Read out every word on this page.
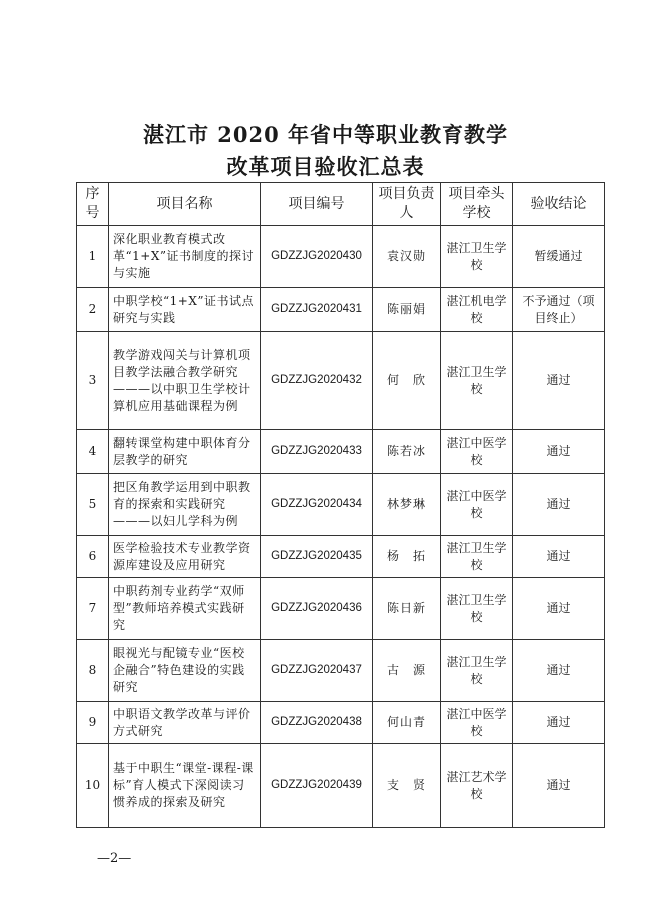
湛江市 2020 年省中等职业教育教学
改革项目验收汇总表
序号	项目名称	项目编号	项目负责人	项目牵头学校	验收结论
1	深化职业教育模式改革“1+X”证书制度的探讨与实施	GDZZJG2020430	袁汉勋	湛江卫生学校	暂缓通过
2	中职学校“1+X”证书试点研究与实践	GDZZJG2020431	陈丽娟	湛江机电学校	不予通过（项目终止）
3	教学游戏闯关与计算机项目教学法融合教学研究———以中职卫生学校计算机应用基础课程为例	GDZZJG2020432	何　欣	湛江卫生学校	通过
4	翻转课堂构建中职体育分层教学的研究	GDZZJG2020433	陈若冰	湛江中医学校	通过
5	把区角教学运用到中职教育的探索和实践研究———以妇儿学科为例	GDZZJG2020434	林梦琳	湛江中医学校	通过
6	医学检验技术专业教学资源库建设及应用研究	GDZZJG2020435	杨　拓	湛江卫生学校	通过
7	中职药剂专业药学“双师型”教师培养模式实践研究	GDZZJG2020436	陈日新	湛江卫生学校	通过
8	眼视光与配镜专业“医校企融合”特色建设的实践研究	GDZZJG2020437	古　源	湛江卫生学校	通过
9	中职语文教学改革与评价方式研究	GDZZJG2020438	何山青	湛江中医学校	通过
10	基于中职生“课堂-课程-课标”育人模式下深阅读习惯养成的探索及研究	GDZZJG2020439	支　贤	湛江艺术学校	通过
—2—
